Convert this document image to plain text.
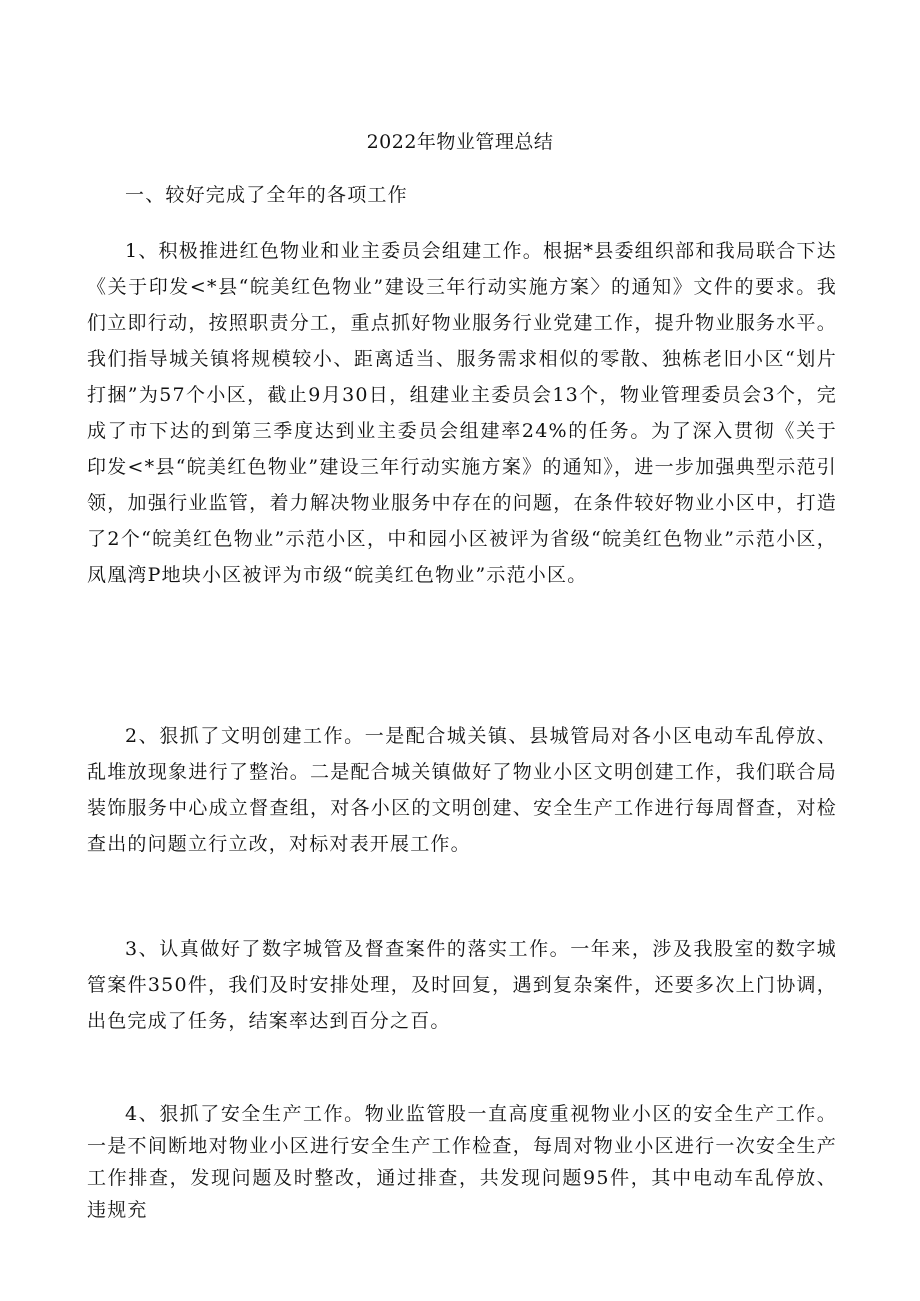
2022年物业管理总结
一、较好完成了全年的各项工作
1、积极推进红色物业和业主委员会组建工作。根据*县委组织部和我局联合下达《关于印发<*县“皖美红色物业”建设三年行动实施方案〉的通知》文件的要求。我们立即行动，按照职责分工，重点抓好物业服务行业党建工作，提升物业服务水平。我们指导城关镇将规模较小、距离适当、服务需求相似的零散、独栋老旧小区“划片打捆”为57个小区，截止9月30日，组建业主委员会13个，物业管理委员会3个，完成了市下达的到第三季度达到业主委员会组建率24%的任务。为了深入贯彻《关于印发<*县“皖美红色物业”建设三年行动实施方案》的通知》，进一步加强典型示范引领，加强行业监管，着力解决物业服务中存在的问题，在条件较好物业小区中，打造了2个“皖美红色物业”示范小区，中和园小区被评为省级“皖美红色物业”示范小区，凤凰湾P地块小区被评为市级“皖美红色物业”示范小区。
2、狠抓了文明创建工作。一是配合城关镇、县城管局对各小区电动车乱停放、乱堆放现象进行了整治。二是配合城关镇做好了物业小区文明创建工作，我们联合局装饰服务中心成立督查组，对各小区的文明创建、安全生产工作进行每周督查，对检查出的问题立行立改，对标对表开展工作。
3、认真做好了数字城管及督查案件的落实工作。一年来，涉及我股室的数字城管案件350件，我们及时安排处理，及时回复，遇到复杂案件，还要多次上门协调，出色完成了任务，结案率达到百分之百。
4、狠抓了安全生产工作。物业监管股一直高度重视物业小区的安全生产工作。一是不间断地对物业小区进行安全生产工作检查，每周对物业小区进行一次安全生产工作排查，发现问题及时整改，通过排查，共发现问题95件，其中电动车乱停放、违规充
